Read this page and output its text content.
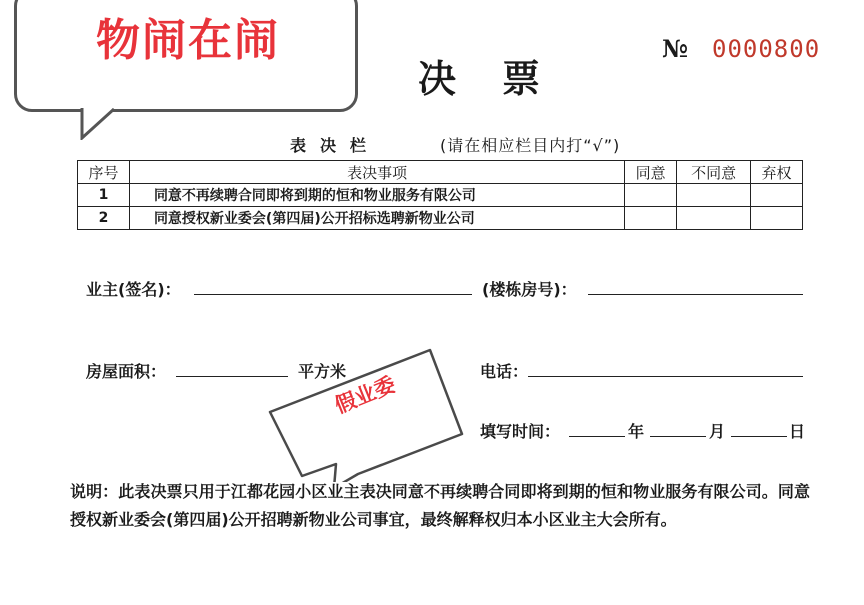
物闹在闹
决票
№ 0000800
表决栏	(请在相应栏目内打“√”)
序号	表决事项	同意	不同意	弃权
1	同意不再续聘合同即将到期的恒和物业服务有限公司			
2	同意授权新业委会(第四届)公开招标选聘新物业公司			
业主(签名)：	(楼栋房号)：
房屋面积：	平方米	电话：
填写时间：	年	月	日
假业委
说明：此表决票只用于江都花园小区业主表决同意不再续聘合同即将到期的恒和物业服务有限公司。同意授权新业委会(第四届)公开招聘新物业公司事宜，最终解释权归本小区业主大会所有。
